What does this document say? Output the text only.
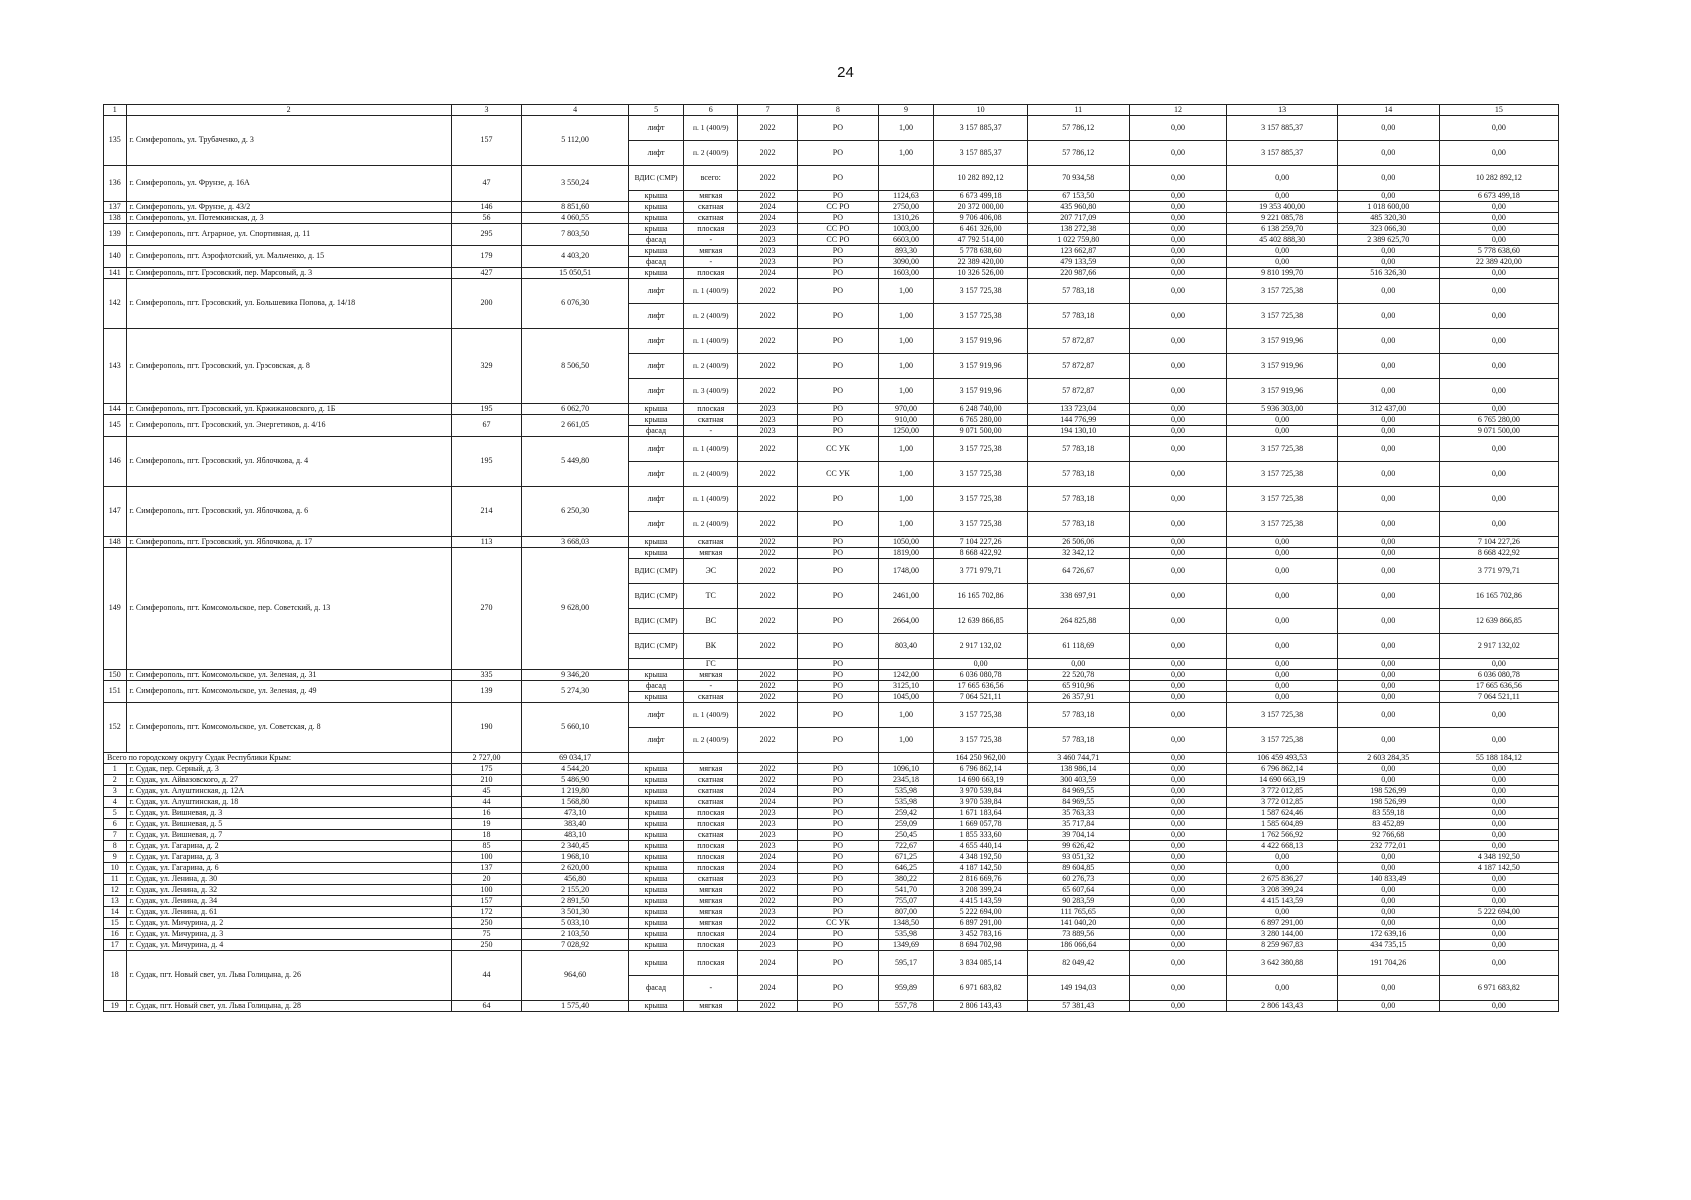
24
1	2	3	4	5	6	7	8	9	10	11	12	13	14	15
135	г. Симферополь, ул. Трубаченко, д. 3	157	5 112,00	лифт	п. 1 (400/9)	2022	РО	1,00	3 157 885,37	57 786,12	0,00	3 157 885,37	0,00	0,00
				лифт	п. 2 (400/9)	2022	РО	1,00	3 157 885,37	57 786,12	0,00	3 157 885,37	0,00	0,00
136	г. Симферополь, ул. Фрунзе, д. 16А	47	3 550,24	ВДИС (СМР)	всего:	2022	РО		10 282 892,12	70 934,58	0,00	0,00	0,00	10 282 892,12
				крыша	мягкая	2022	РО	1124,63	6 673 499,18	67 153,50	0,00	0,00	0,00	6 673 499,18
137	г. Симферополь, ул. Фрунзе, д. 43/2	146	8 851,60	крыша	скатная	2024	СС РО	2750,00	20 372 000,00	435 960,80	0,00	19 353 400,00	1 018 600,00	0,00
138	г. Симферополь, ул. Потемкинская, д. 3	56	4 060,55	крыша	скатная	2024	РО	1310,26	9 706 406,08	207 717,09	0,00	9 221 085,78	485 320,30	0,00
139	г. Симферополь, пгт. Аграрное, ул. Спортивная, д. 11	295	7 803,50	крыша	плоская	2023	СС РО	1003,00	6 461 326,00	138 272,38	0,00	6 138 259,70	323 066,30	0,00
				фасад	-	2023	СС РО	6603,00	47 792 514,00	1 022 759,80	0,00	45 402 888,30	2 389 625,70	0,00
140	г. Симферополь, пгт. Аэрофлотский, ул. Мальченко, д. 15	179	4 403,20	крыша	мягкая	2023	РО	893,30	5 778 638,60	123 662,87	0,00	0,00	0,00	5 778 638,60
				фасад	-	2023	РО	3090,00	22 389 420,00	479 133,59	0,00	0,00	0,00	22 389 420,00
141	г. Симферополь, пгт. Грэсовский, пер. Марсовый, д. 3	427	15 050,51	крыша	плоская	2024	РО	1603,00	10 326 526,00	220 987,66	0,00	9 810 199,70	516 326,30	0,00
142	г. Симферополь, пгт. Грэсовский, ул. Большевика Попова, д. 14/18	200	6 076,30	лифт	п. 1 (400/9)	2022	РО	1,00	3 157 725,38	57 783,18	0,00	3 157 725,38	0,00	0,00
				лифт	п. 2 (400/9)	2022	РО	1,00	3 157 725,38	57 783,18	0,00	3 157 725,38	0,00	0,00
143	г. Симферополь, пгт. Грэсовский, ул. Грэсовская, д. 8	329	8 506,50	лифт	п. 1 (400/9)	2022	РО	1,00	3 157 919,96	57 872,87	0,00	3 157 919,96	0,00	0,00
				лифт	п. 2 (400/9)	2022	РО	1,00	3 157 919,96	57 872,87	0,00	3 157 919,96	0,00	0,00
				лифт	п. 3 (400/9)	2022	РО	1,00	3 157 919,96	57 872,87	0,00	3 157 919,96	0,00	0,00
144	г. Симферополь, пгт. Грэсовский, ул. Кржижановского, д. 1Б	195	6 062,70	крыша	плоская	2023	РО	970,00	6 248 740,00	133 723,04	0,00	5 936 303,00	312 437,00	0,00
145	г. Симферополь, пгт. Грэсовский, ул. Энергетиков, д. 4/16	67	2 661,05	крыша	скатная	2023	РО	910,00	6 765 280,00	144 776,99	0,00	0,00	0,00	6 765 280,00
				фасад	-	2023	РО	1250,00	9 071 500,00	194 130,10	0,00	0,00	0,00	9 071 500,00
146	г. Симферополь, пгт. Грэсовский, ул. Яблочкова, д. 4	195	5 449,80	лифт	п. 1 (400/9)	2022	СС УК	1,00	3 157 725,38	57 783,18	0,00	3 157 725,38	0,00	0,00
				лифт	п. 2 (400/9)	2022	СС УК	1,00	3 157 725,38	57 783,18	0,00	3 157 725,38	0,00	0,00
147	г. Симферополь, пгт. Грэсовский, ул. Яблочкова, д. 6	214	6 250,30	лифт	п. 1 (400/9)	2022	РО	1,00	3 157 725,38	57 783,18	0,00	3 157 725,38	0,00	0,00
				лифт	п. 2 (400/9)	2022	РО	1,00	3 157 725,38	57 783,18	0,00	3 157 725,38	0,00	0,00
148	г. Симферополь, пгт. Грэсовский, ул. Яблочкова, д. 17	113	3 668,03	крыша	скатная	2022	РО	1050,00	7 104 227,26	26 506,06	0,00	0,00	0,00	7 104 227,26
149	г. Симферополь, пгт. Комсомольское, пер. Советский, д. 13	270	9 628,00	крыша	мягкая	2022	РО	1819,00	8 668 422,92	32 342,12	0,00	0,00	0,00	8 668 422,92
				ВДИС (СМР)	ЭС	2022	РО	1748,00	3 771 979,71	64 726,67	0,00	0,00	0,00	3 771 979,71
				ВДИС (СМР)	ТС	2022	РО	2461,00	16 165 702,86	338 697,91	0,00	0,00	0,00	16 165 702,86
				ВДИС (СМР)	ВС	2022	РО	2664,00	12 639 866,85	264 825,88	0,00	0,00	0,00	12 639 866,85
				ВДИС (СМР)	ВК	2022	РО	803,40	2 917 132,02	61 118,69	0,00	0,00	0,00	2 917 132,02
					ГС		РО		0,00	0,00	0,00	0,00	0,00	0,00
150	г. Симферополь, пгт. Комсомольское, ул. Зеленая, д. 31	335	9 346,20	крыша	мягкая	2022	РО	1242,00	6 036 080,78	22 520,78	0,00	0,00	0,00	6 036 080,78
151	г. Симферополь, пгт. Комсомольское, ул. Зеленая, д. 49	139	5 274,30	фасад	-	2022	РО	3125,10	17 665 636,56	65 910,96	0,00	0,00	0,00	17 665 636,56
				крыша	скатная	2022	РО	1045,00	7 064 521,11	26 357,91	0,00	0,00	0,00	7 064 521,11
152	г. Симферополь, пгт. Комсомольское, ул. Советская, д. 8	190	5 660,10	лифт	п. 1 (400/9)	2022	РО	1,00	3 157 725,38	57 783,18	0,00	3 157 725,38	0,00	0,00
				лифт	п. 2 (400/9)	2022	РО	1,00	3 157 725,38	57 783,18	0,00	3 157 725,38	0,00	0,00
Всего по городскому округу Судак Республики Крым:		2 727,00	69 034,17						164 250 962,00	3 460 744,71	0,00	106 459 493,53	2 603 284,35	55 188 184,12
1	г. Судак, пер. Серный, д. 3	175	4 544,20	крыша	мягкая	2022	РО	1096,10	6 796 862,14	138 986,14	0,00	6 796 862,14	0,00	0,00
2	г. Судак, ул. Айвазовского, д. 27	210	5 486,90	крыша	скатная	2022	РО	2345,18	14 690 663,19	300 403,59	0,00	14 690 663,19	0,00	0,00
3	г. Судак, ул. Алуштинская, д. 12А	45	1 219,80	крыша	скатная	2024	РО	535,98	3 970 539,84	84 969,55	0,00	3 772 012,85	198 526,99	0,00
4	г. Судак, ул. Алуштинская, д. 18	44	1 568,80	крыша	скатная	2024	РО	535,98	3 970 539,84	84 969,55	0,00	3 772 012,85	198 526,99	0,00
5	г. Судак, ул. Вишневая, д. 3	16	473,10	крыша	плоская	2023	РО	259,42	1 671 183,64	35 763,33	0,00	1 587 624,46	83 559,18	0,00
6	г. Судак, ул. Вишневая, д. 5	19	383,40	крыша	плоская	2023	РО	259,09	1 669 057,78	35 717,84	0,00	1 585 604,89	83 452,89	0,00
7	г. Судак, ул. Вишневая, д. 7	18	483,10	крыша	скатная	2023	РО	250,45	1 855 333,60	39 704,14	0,00	1 762 566,92	92 766,68	0,00
8	г. Судак, ул. Гагарина, д. 2	85	2 340,45	крыша	плоская	2023	РО	722,67	4 655 440,14	99 626,42	0,00	4 422 668,13	232 772,01	0,00
9	г. Судак, ул. Гагарина, д. 3	100	1 968,10	крыша	плоская	2024	РО	671,25	4 348 192,50	93 051,32	0,00	0,00	0,00	4 348 192,50
10	г. Судак, ул. Гагарина, д. 6	137	2 620,00	крыша	плоская	2024	РО	646,25	4 187 142,50	89 604,85	0,00	0,00	0,00	4 187 142,50
11	г. Судак, ул. Ленина, д. 30	20	456,80	крыша	скатная	2023	РО	380,22	2 816 669,76	60 276,73	0,00	2 675 836,27	140 833,49	0,00
12	г. Судак, ул. Ленина, д. 32	100	2 155,20	крыша	мягкая	2022	РО	541,70	3 208 399,24	65 607,64	0,00	3 208 399,24	0,00	0,00
13	г. Судак, ул. Ленина, д. 34	157	2 891,50	крыша	мягкая	2022	РО	755,07	4 415 143,59	90 283,59	0,00	4 415 143,59	0,00	0,00
14	г. Судак, ул. Ленина, д. 61	172	3 501,30	крыша	мягкая	2023	РО	807,00	5 222 694,00	111 765,65	0,00	0,00	0,00	5 222 694,00
15	г. Судак, ул. Мичурина, д. 2	250	5 033,10	крыша	мягкая	2022	СС УК	1348,50	6 897 291,00	141 040,20	0,00	6 897 291,00	0,00	0,00
16	г. Судак, ул. Мичурина, д. 3	75	2 103,50	крыша	плоская	2024	РО	535,98	3 452 783,16	73 889,56	0,00	3 280 144,00	172 639,16	0,00
17	г. Судак, ул. Мичурина, д. 4	250	7 028,92	крыша	плоская	2023	РО	1349,69	8 694 702,98	186 066,64	0,00	8 259 967,83	434 735,15	0,00
18	г. Судак, пгт. Новый свет, ул. Льва Голицына, д. 26	44	964,60	крыша	плоская	2024	РО	595,17	3 834 085,14	82 049,42	0,00	3 642 380,88	191 704,26	0,00
				фасад	-	2024	РО	959,89	6 971 683,82	149 194,03	0,00	0,00	0,00	6 971 683,82
19	г. Судак, пгт. Новый свет, ул. Льва Голицына, д. 28	64	1 575,40	крыша	мягкая	2022	РО	557,78	2 806 143,43	57 381,43	0,00	2 806 143,43	0,00	0,00
